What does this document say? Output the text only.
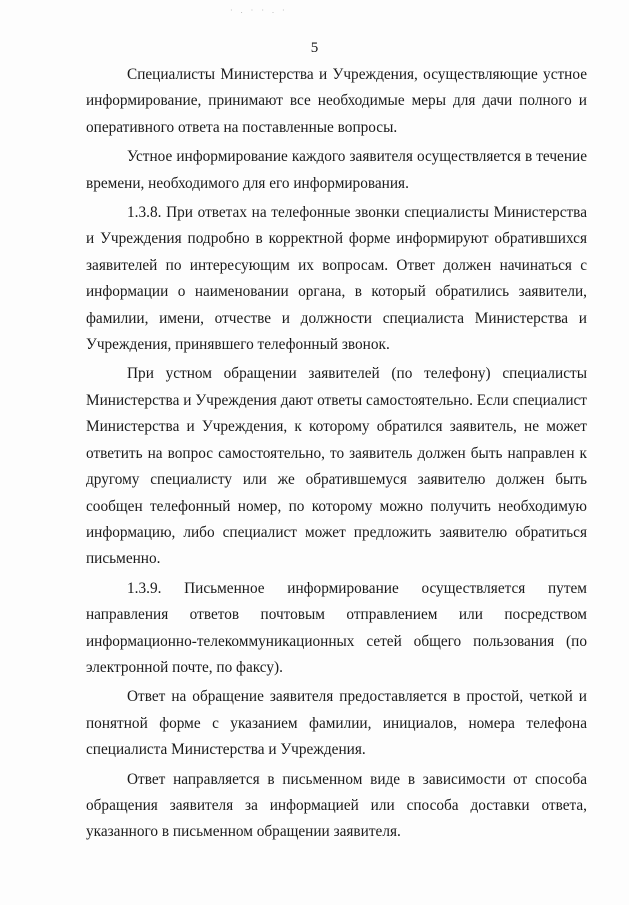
· . · · . ·
5

Специалисты Министерства и Учреждения, осуществляющие устное информирование, принимают все необходимые меры для дачи полного и оперативного ответа на поставленные вопросы.

Устное информирование каждого заявителя осуществляется в течение времени, необходимого для его информирования.

1.3.8. При ответах на телефонные звонки специалисты Министерства и Учреждения подробно в корректной форме информируют обратившихся заявителей по интересующим их вопросам. Ответ должен начинаться с информации о наименовании органа, в который обратились заявители, фамилии, имени, отчестве и должности специалиста Министерства и Учреждения, принявшего телефонный звонок.

При устном обращении заявителей (по телефону) специалисты Министерства и Учреждения дают ответы самостоятельно. Если специалист Министерства и Учреждения, к которому обратился заявитель, не может ответить на вопрос самостоятельно, то заявитель должен быть направлен к другому специалисту или же обратившемуся заявителю должен быть сообщен телефонный номер, по которому можно получить необходимую информацию, либо специалист может предложить заявителю обратиться письменно.

1.3.9. Письменное информирование осуществляется путем направления ответов почтовым отправлением или посредством информационно-телекоммуникационных сетей общего пользования (по электронной почте, по факсу).

Ответ на обращение заявителя предоставляется в простой, четкой и понятной форме с указанием фамилии, инициалов, номера телефона специалиста Министерства и Учреждения.

Ответ направляется в письменном виде в зависимости от способа обращения заявителя за информацией или способа доставки ответа, указанного в письменном обращении заявителя.
